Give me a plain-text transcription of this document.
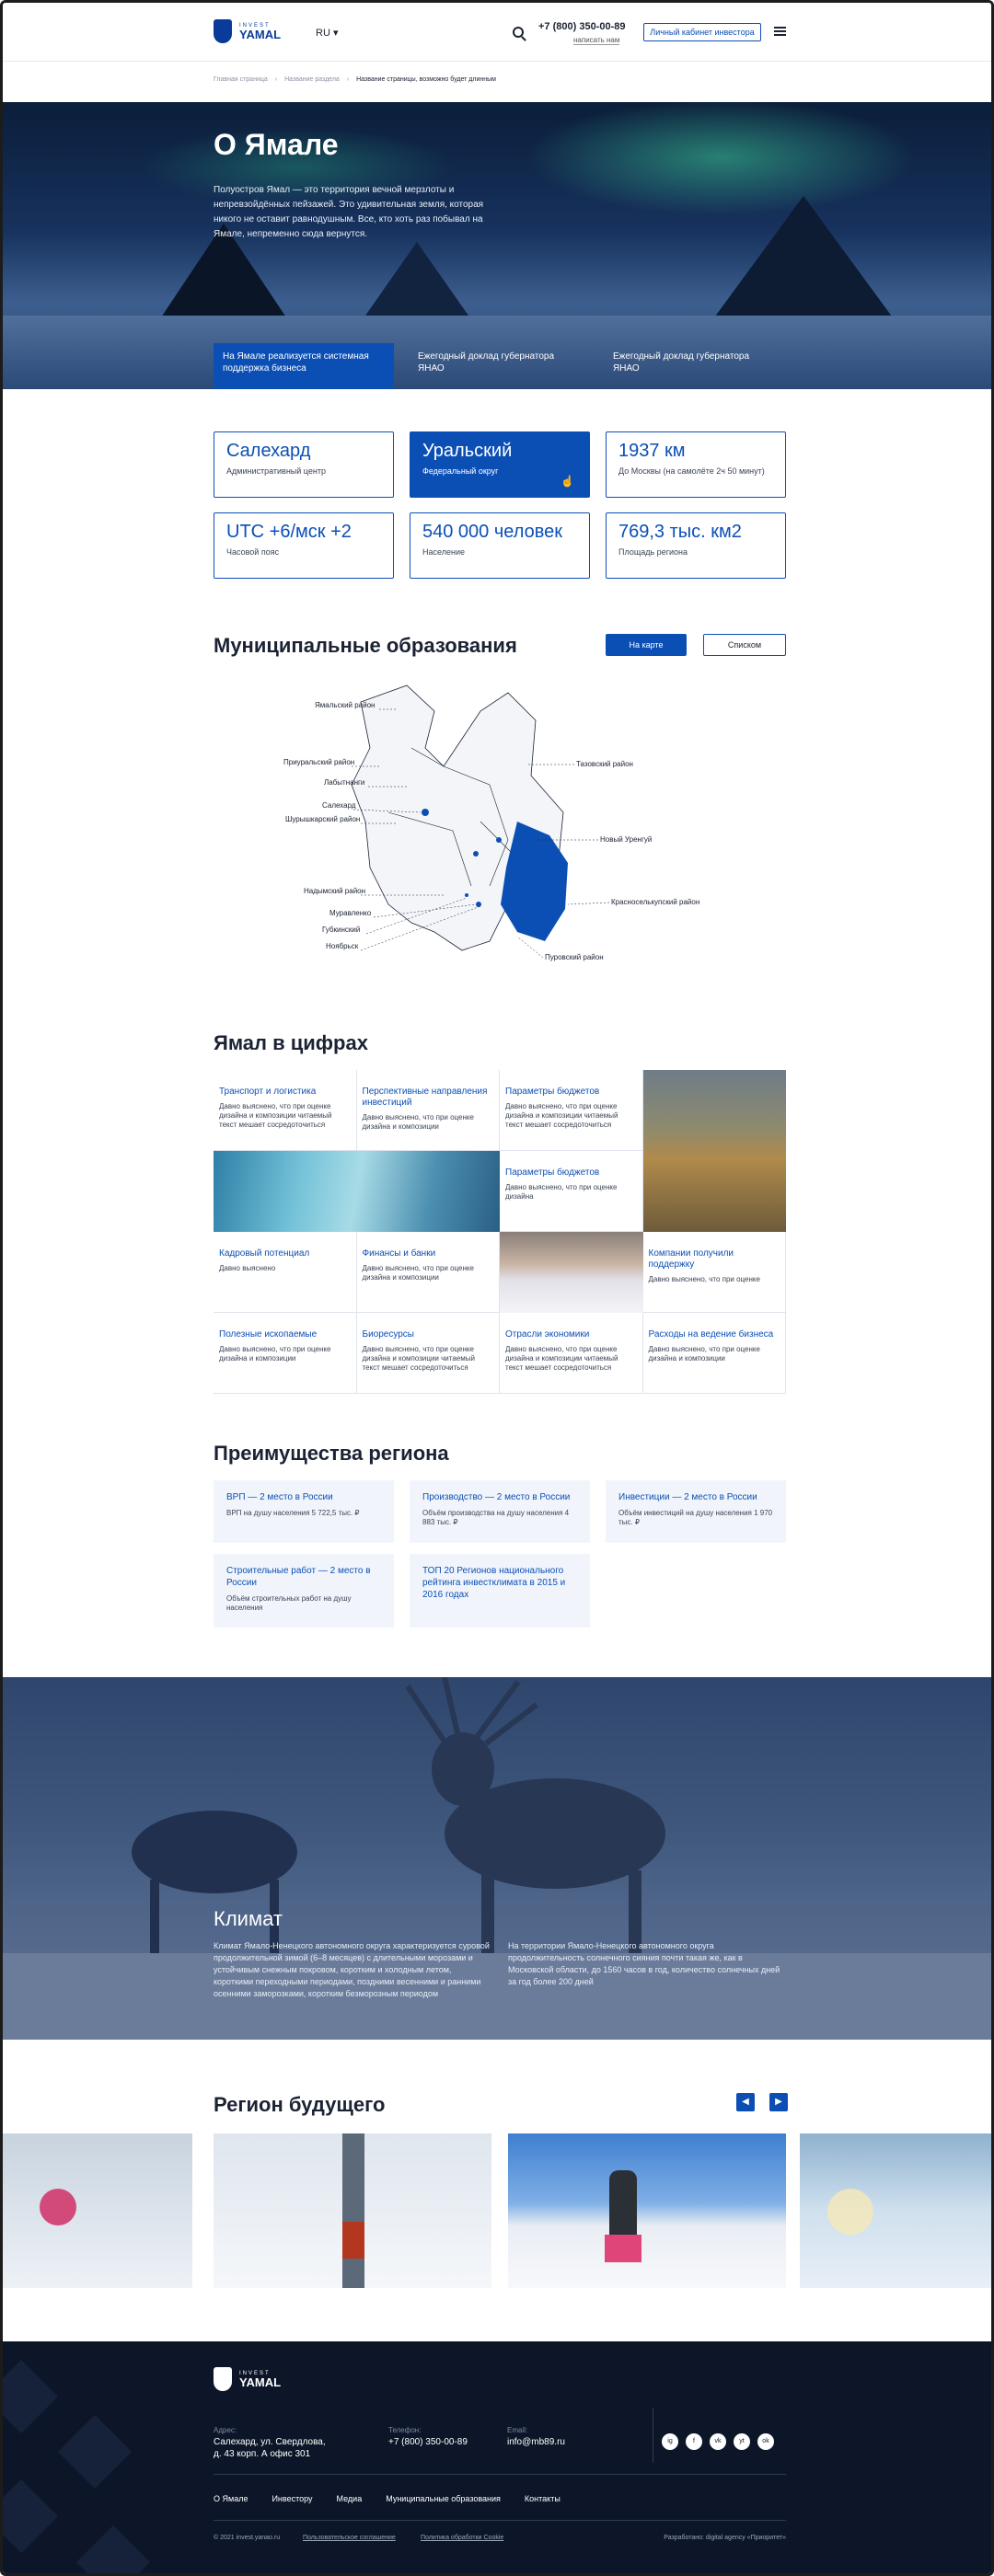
INVEST
YAMAL	RU ▾
+7 (800) 350-00-89
написать нам
Личный кабинет инвестора
Главная страница › Название раздела › Название страницы, возможно будет длинным
О Ямале

Полуостров Ямал — это территория вечной мерзлоты и непревзойдённых пейзажей. Это удивительная земля, которая никого не оставит равнодушным. Все, кто хоть раз побывал на Ямале, непременно сюда вернутся.

На Ямале реализуется системная поддержка бизнеса
Ежегодный доклад губернатора ЯНАО
Ежегодный доклад губернатора ЯНАО
Салехард
Административный центр
Уральский
Федеральный округ
☝
1937 км
До Москвы (на самолёте 2ч 50 минут)
UTC +6/мск +2
Часовой пояс
540 000 человек
Население
769,3 тыс. км2
Площадь региона
Муниципальные образования	На карте	Списком
Ямальский район
Приуральский район
Лабытнанги
Салехард
Шурышкарский район
Тазовский район
Новый Уренгуй
Надымский район
Красноселькупский район
Муравленко
Губкинский
Ноябрьск
Пуровский район
Ямал в цифрах
Транспорт и логистика
Давно выяснено, что при оценке дизайна и композиции читаемый текст мешает сосредоточиться
Перспективные направления инвестиций
Давно выяснено, что при оценке дизайна и композиции
Параметры бюджетов
Давно выяснено, что при оценке дизайна и композиции читаемый текст мешает сосредоточиться
Параметры бюджетов
Давно выяснено, что при оценке дизайна
Кадровый потенциал
Давно выяснено
Финансы и банки
Давно выяснено, что при оценке дизайна и композиции
Компании получили поддержку
Давно выяснено, что при оценке
Полезные ископаемые
Давно выяснено, что при оценке дизайна и композиции
Биоресурсы
Давно выяснено, что при оценке дизайна и композиции читаемый текст мешает сосредоточиться
Отрасли экономики
Давно выяснено, что при оценке дизайна и композиции читаемый текст мешает сосредоточиться
Расходы на ведение бизнеса
Давно выяснено, что при оценке дизайна и композиции
Преимущества региона
ВРП — 2 место в России
ВРП на душу населения 5 722,5 тыс. ₽
Производство — 2 место в России
Объём производства на душу населения 4 883 тыс. ₽
Инвестиции — 2 место в России
Объём инвестиций на душу населения 1 970 тыс. ₽
Строительные работ — 2 место в России
Объём строительных работ на душу населения
ТОП 20 Регионов национального рейтинга инвестклимата в 2015 и 2016 годах
Климат

Климат Ямало-Ненецкого автономного округа характеризуется суровой продолжительной зимой (6–8 месяцев) с длительными морозами и устойчивым снежным покровом, коротким и холодным летом, короткими переходными периодами, поздними весенними и ранними осенними заморозками, коротким безморозным периодом

На территории Ямало-Ненецкого автономного округа продолжительность солнечного сияния почти такая же, как в Московской области, до 1560 часов в год, количество солнечных дней за год более 200 дней

Регион будущего	◀	▶
INVEST
YAMAL
Адрес:
Салехард, ул. Свердлова, д. 43 корп. А офис 301
Телефон:
+7 (800) 350-00-89
Email:
info@mb89.ru	ig	f	vk	yt	ok
О Ямале	Инвестору	Медиа	Муниципальные образования	Контакты
© 2021 invest.yanao.ru	Пользовательское соглашение	Политика обработки Cookie	Разработано: digital agency «Приоритет»
